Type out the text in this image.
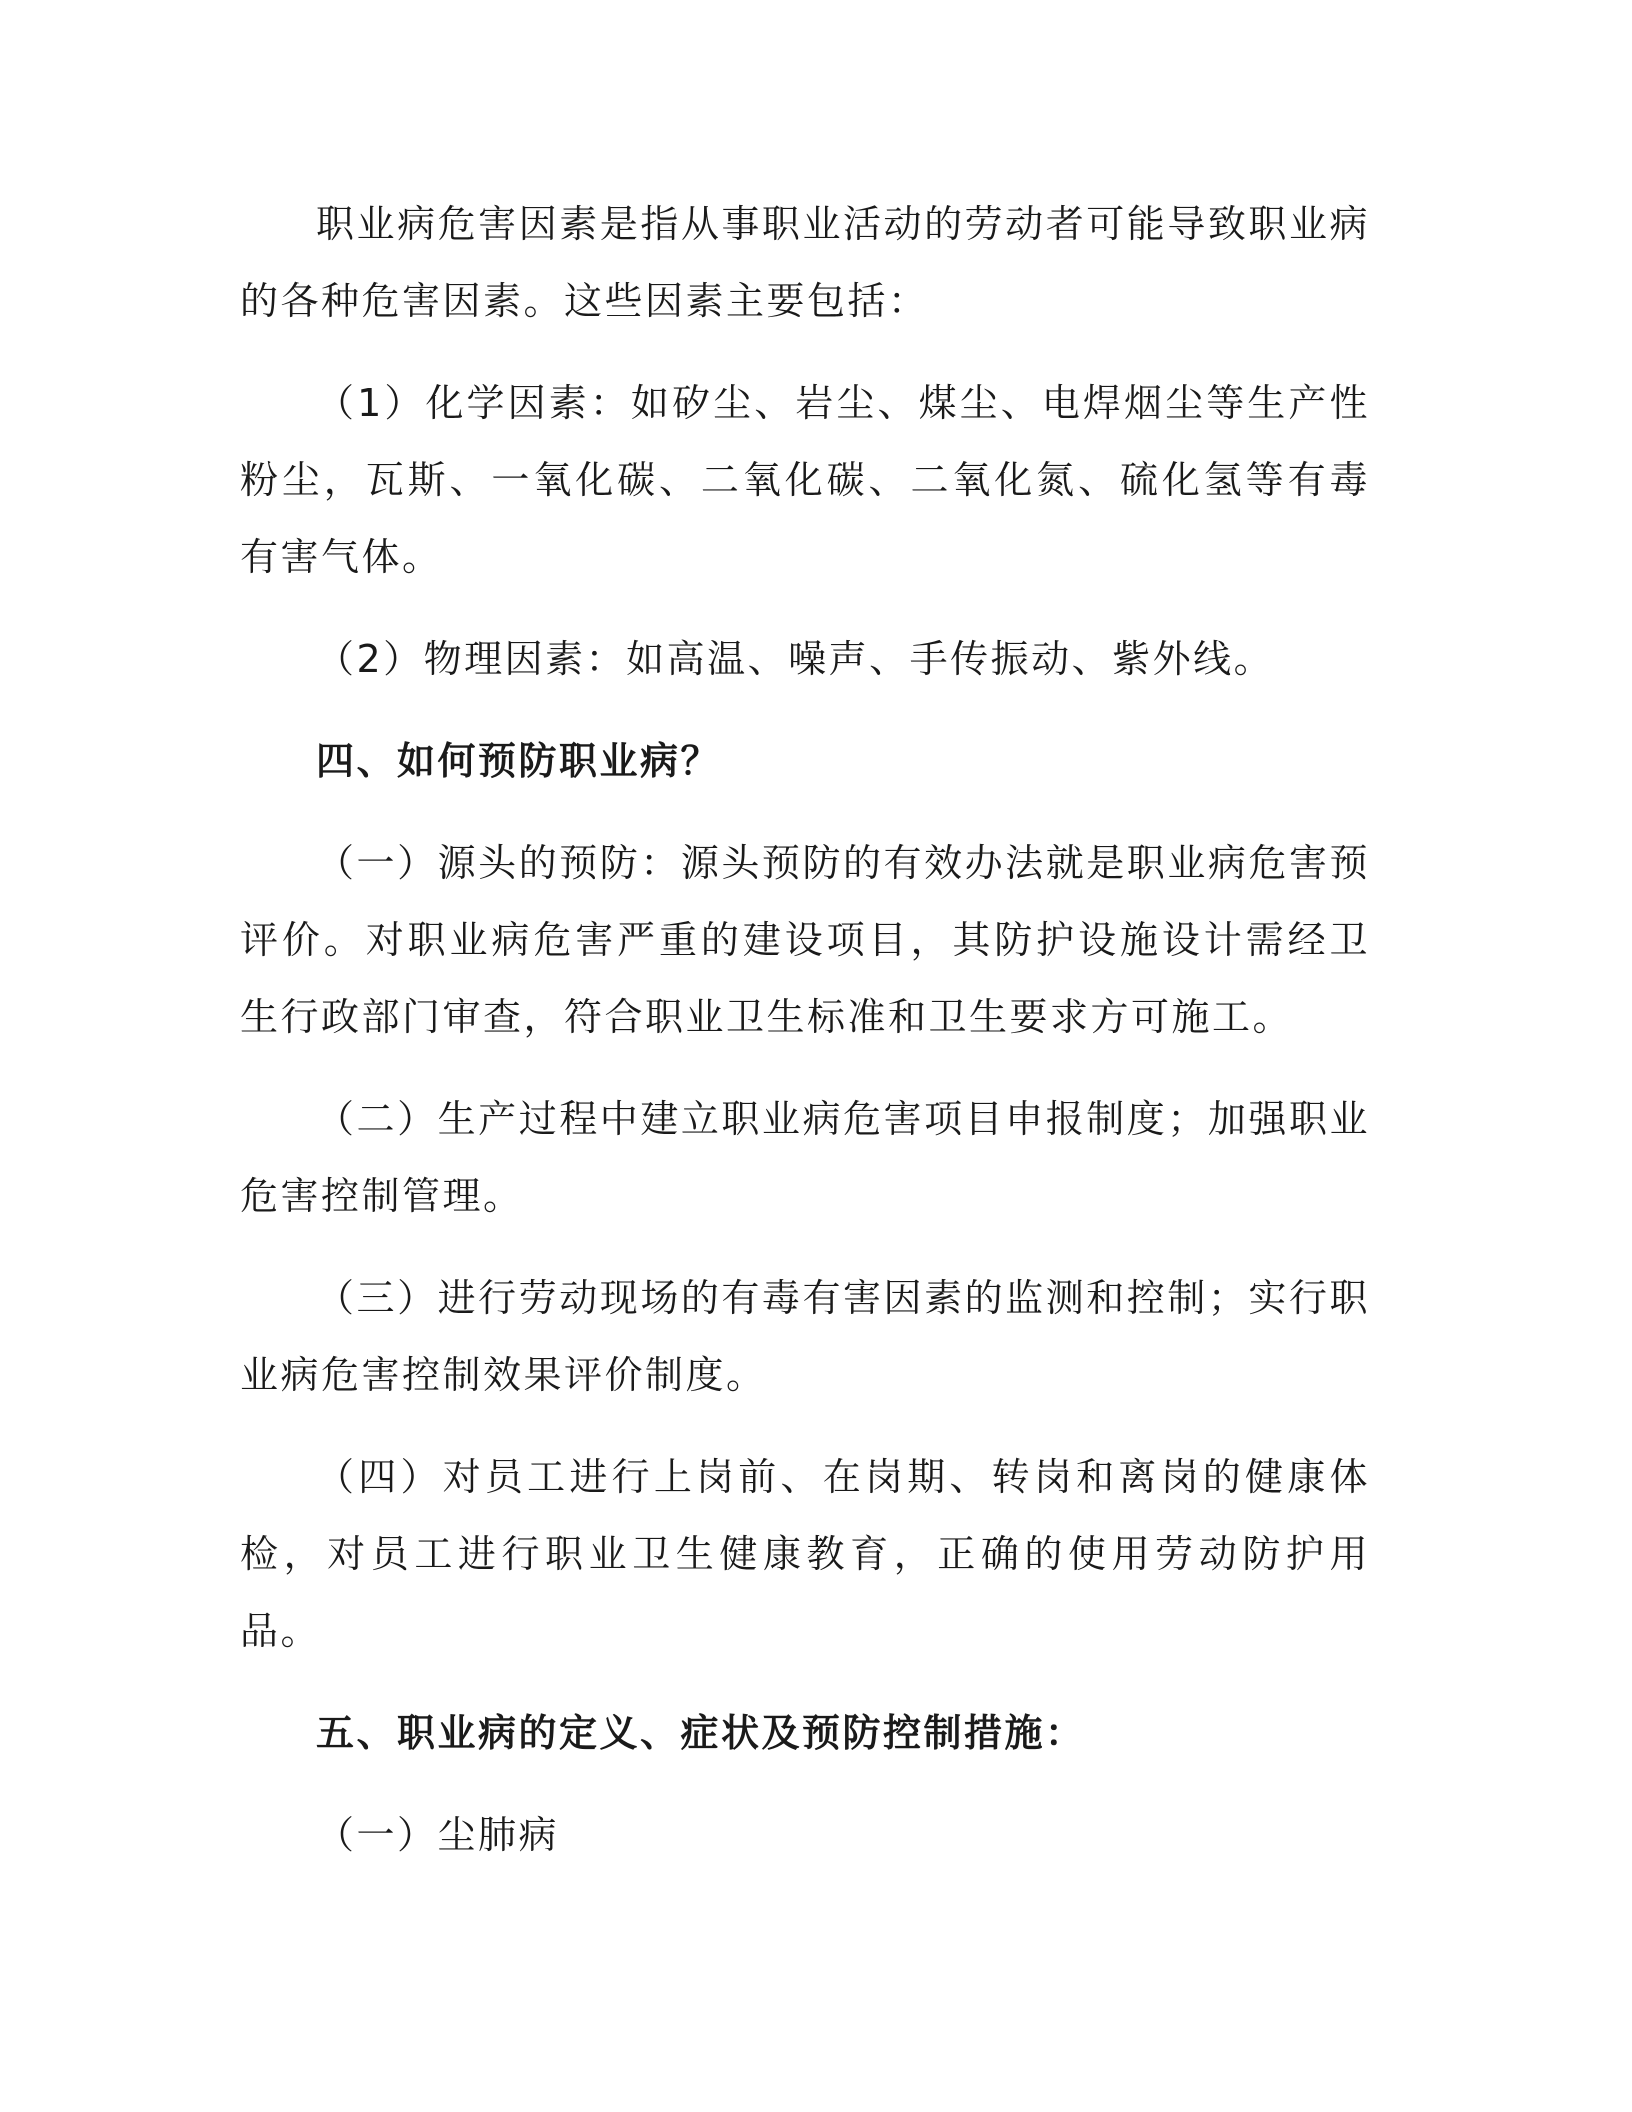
职业病危害因素是指从事职业活动的劳动者可能导致职业病的各种危害因素。这些因素主要包括：

（1）化学因素：如矽尘、岩尘、煤尘、电焊烟尘等生产性粉尘，瓦斯、一氧化碳、二氧化碳、二氧化氮、硫化氢等有毒有害气体。

（2）物理因素：如高温、噪声、手传振动、紫外线。

四、如何预防职业病？

（一）源头的预防：源头预防的有效办法就是职业病危害预评价。对职业病危害严重的建设项目，其防护设施设计需经卫生行政部门审查，符合职业卫生标准和卫生要求方可施工。

（二）生产过程中建立职业病危害项目申报制度；加强职业危害控制管理。

（三）进行劳动现场的有毒有害因素的监测和控制；实行职业病危害控制效果评价制度。

（四）对员工进行上岗前、在岗期、转岗和离岗的健康体检，对员工进行职业卫生健康教育，正确的使用劳动防护用品。

五、职业病的定义、症状及预防控制措施：

（一）尘肺病
